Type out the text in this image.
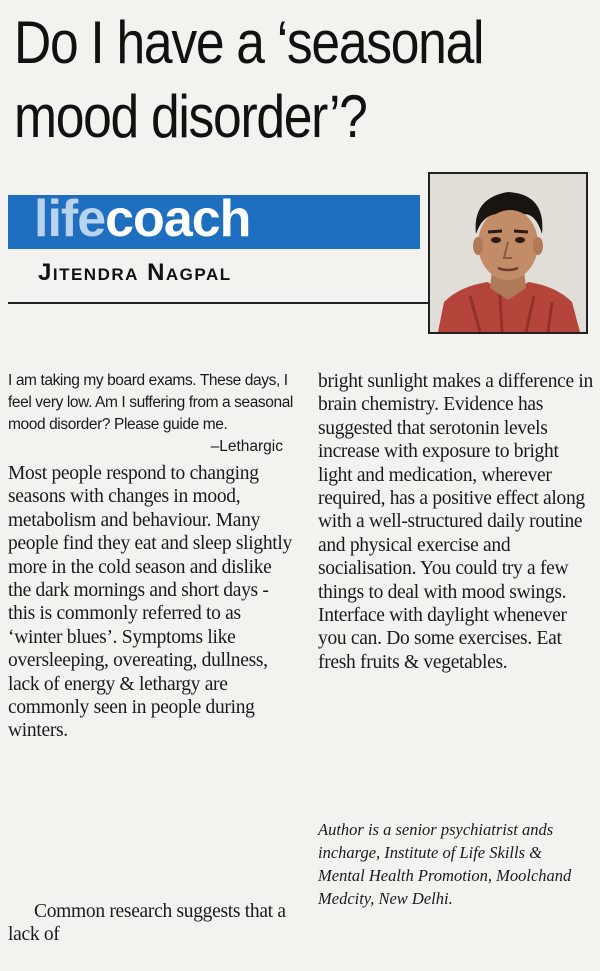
Do I have a ‘seasonal mood disorder’?
lifecoach
Jitendra Nagpal

I am taking my board exams. These days, I feel very low. Am I suffering from a seasonal mood disorder? Please guide me.

–Lethargic

Most people respond to changing seasons with changes in mood, metabolism and behaviour. Many people find they eat and sleep slightly more in the cold season and dislike the dark mornings and short days - this is commonly referred to as ‘winter blues’. Symptoms like oversleeping, overeating, dullness, lack of energy & lethargy are commonly seen in people during winters.

bright sunlight makes a difference in brain chemistry. Evidence has suggested that serotonin levels increase with exposure to bright light and medication, wherever required, has a positive effect along with a well-structured daily routine and physical exercise and socialisation. You could try a few things to deal with mood swings. Interface with daylight whenever you can. Do some exercises. Eat fresh fruits & vegetables.

Common research suggests that a lack of

Author is a senior psychiatrist ands incharge, Institute of Life Skills & Mental Health Promotion, Moolchand Medcity, New Delhi.
